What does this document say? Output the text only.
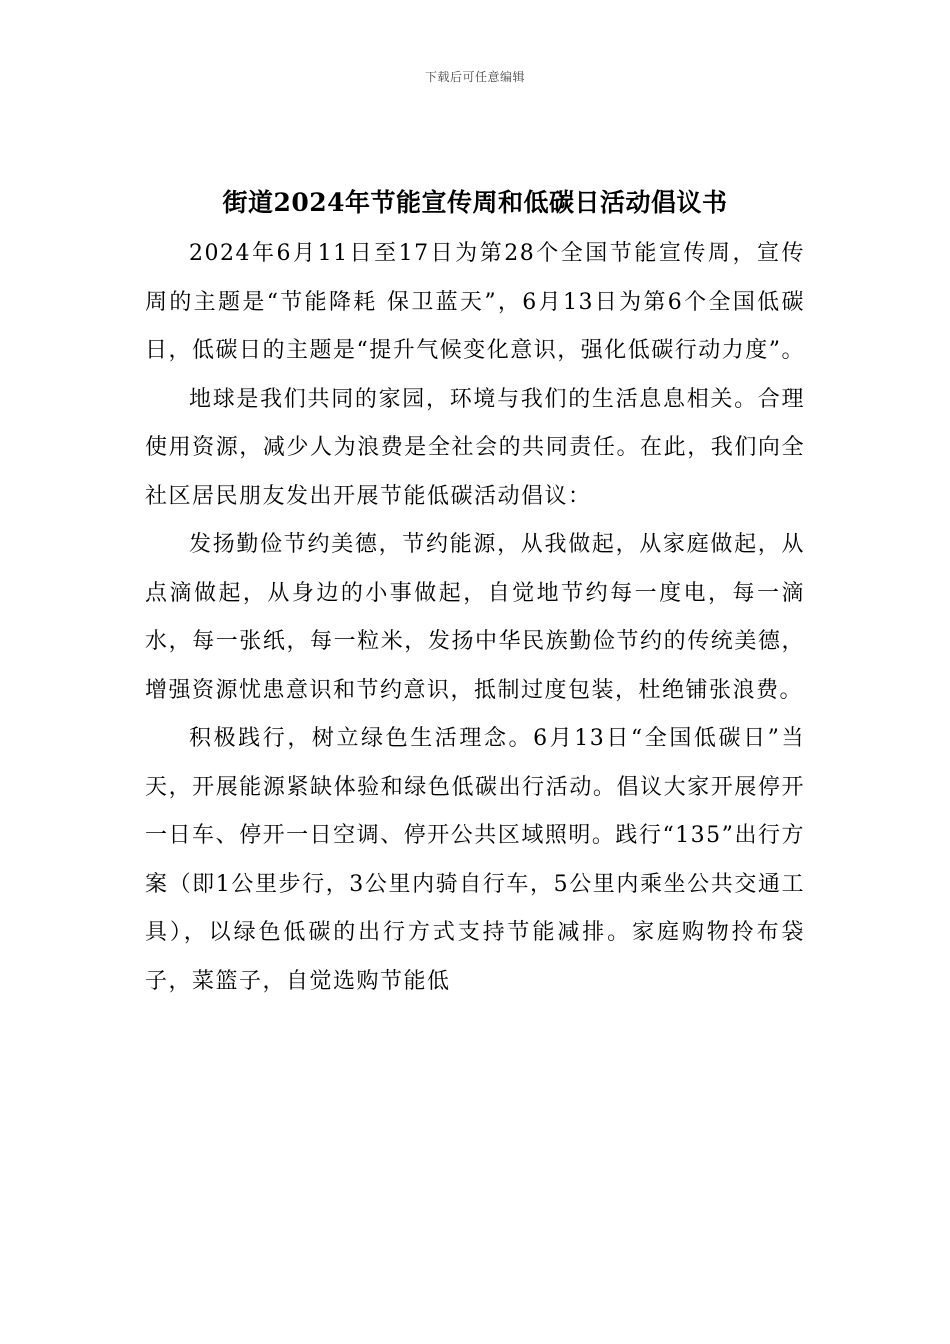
下载后可任意编辑
街道2024年节能宣传周和低碳日活动倡议书

2024年6月11日至17日为第28个全国节能宣传周，宣传周的主题是“节能降耗 保卫蓝天”，6月13日为第6个全国低碳日，低碳日的主题是“提升气候变化意识，强化低碳行动力度”。

地球是我们共同的家园，环境与我们的生活息息相关。合理使用资源，减少人为浪费是全社会的共同责任。在此，我们向全社区居民朋友发出开展节能低碳活动倡议：

发扬勤俭节约美德，节约能源，从我做起，从家庭做起，从点滴做起，从身边的小事做起，自觉地节约每一度电，每一滴水，每一张纸，每一粒米，发扬中华民族勤俭节约的传统美德，增强资源忧患意识和节约意识，抵制过度包装，杜绝铺张浪费。

积极践行，树立绿色生活理念。6月13日“全国低碳日”当天，开展能源紧缺体验和绿色低碳出行活动。倡议大家开展停开一日车、停开一日空调、停开公共区域照明。践行“135”出行方案（即1公里步行，3公里内骑自行车，5公里内乘坐公共交通工具），以绿色低碳的出行方式支持节能减排。家庭购物拎布袋子，菜篮子，自觉选购节能低
